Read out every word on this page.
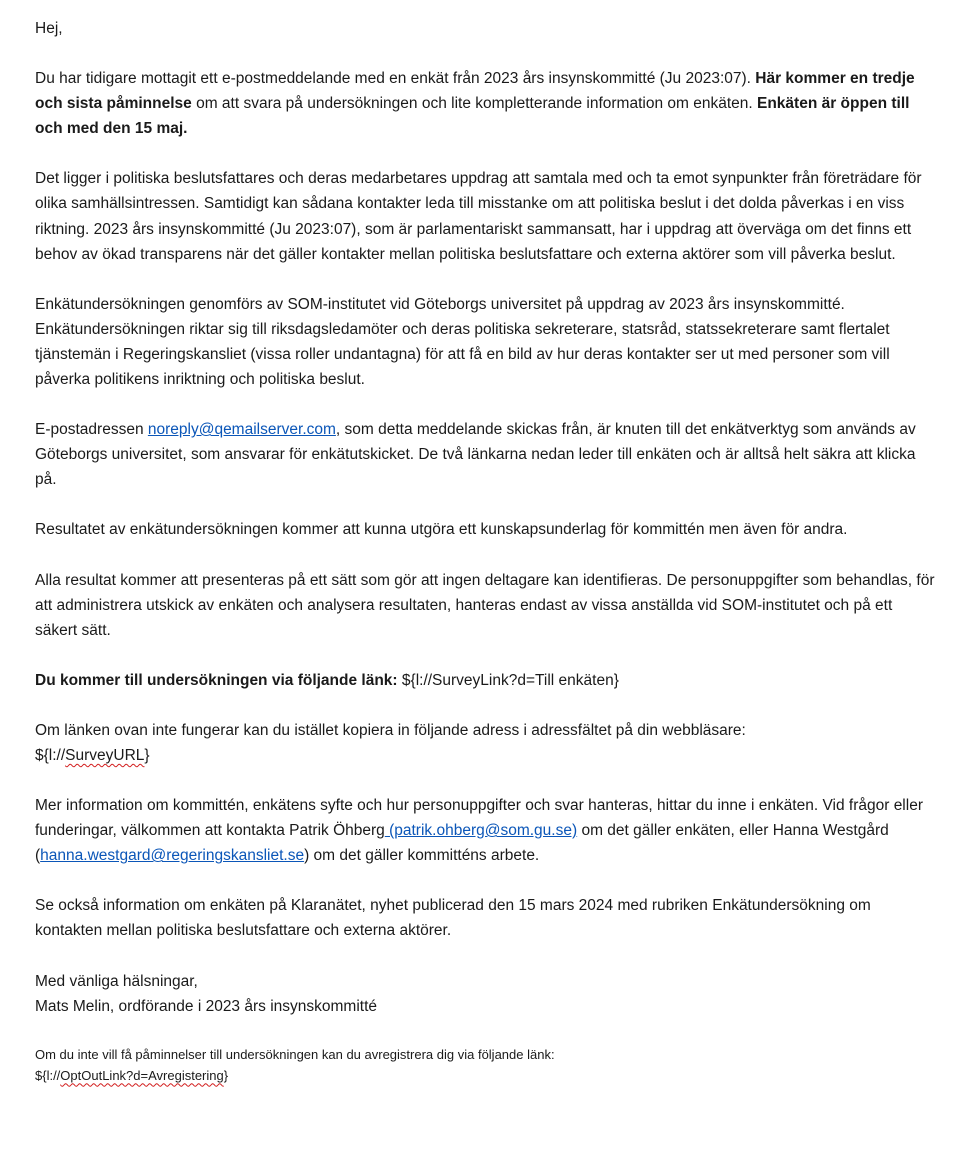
Hej,

Du har tidigare mottagit ett e-postmeddelande med en enkät från 2023 års insynskommitté (Ju 2023:07). Här kommer en tredje och sista påminnelse om att svara på undersökningen och lite kompletterande information om enkäten. Enkäten är öppen till och med den 15 maj.

Det ligger i politiska beslutsfattares och deras medarbetares uppdrag att samtala med och ta emot synpunkter från företrädare för olika samhällsintressen. Samtidigt kan sådana kontakter leda till misstanke om att politiska beslut i det dolda påverkas i en viss riktning. 2023 års insynskommitté (Ju 2023:07), som är parlamentariskt sammansatt, har i uppdrag att överväga om det finns ett behov av ökad transparens när det gäller kontakter mellan politiska beslutsfattare och externa aktörer som vill påverka beslut.

Enkätundersökningen genomförs av SOM-institutet vid Göteborgs universitet på uppdrag av 2023 års insynskommitté. Enkätundersökningen riktar sig till riksdagsledamöter och deras politiska sekreterare, statsråd, statssekreterare samt flertalet tjänstemän i Regeringskansliet (vissa roller undantagna) för att få en bild av hur deras kontakter ser ut med personer som vill påverka politikens inriktning och politiska beslut.

E-postadressen noreply@qemailserver.com, som detta meddelande skickas från, är knuten till det enkätverktyg som används av Göteborgs universitet, som ansvarar för enkätutskicket. De två länkarna nedan leder till enkäten och är alltså helt säkra att klicka på.

Resultatet av enkätundersökningen kommer att kunna utgöra ett kunskapsunderlag för kommittén men även för andra.

Alla resultat kommer att presenteras på ett sätt som gör att ingen deltagare kan identifieras. De personuppgifter som behandlas, för att administrera utskick av enkäten och analysera resultaten, hanteras endast av vissa anställda vid SOM-institutet och på ett säkert sätt.

Du kommer till undersökningen via följande länk: ${l://SurveyLink?d=Till enkäten}

Om länken ovan inte fungerar kan du istället kopiera in följande adress i adressfältet på din webbläsare:
${l://SurveyURL}

Mer information om kommittén, enkätens syfte och hur personuppgifter och svar hanteras, hittar du inne i enkäten. Vid frågor eller funderingar, välkommen att kontakta Patrik Öhberg (patrik.ohberg@som.gu.se) om det gäller enkäten, eller Hanna Westgård (hanna.westgard@regeringskansliet.se) om det gäller kommitténs arbete.

Se också information om enkäten på Klaranätet, nyhet publicerad den 15 mars 2024 med rubriken Enkätundersökning om kontakten mellan politiska beslutsfattare och externa aktörer.

Med vänliga hälsningar,
Mats Melin, ordförande i 2023 års insynskommitté

Om du inte vill få påminnelser till undersökningen kan du avregistrera dig via följande länk:
${l://OptOutLink?d=Avregistering}
